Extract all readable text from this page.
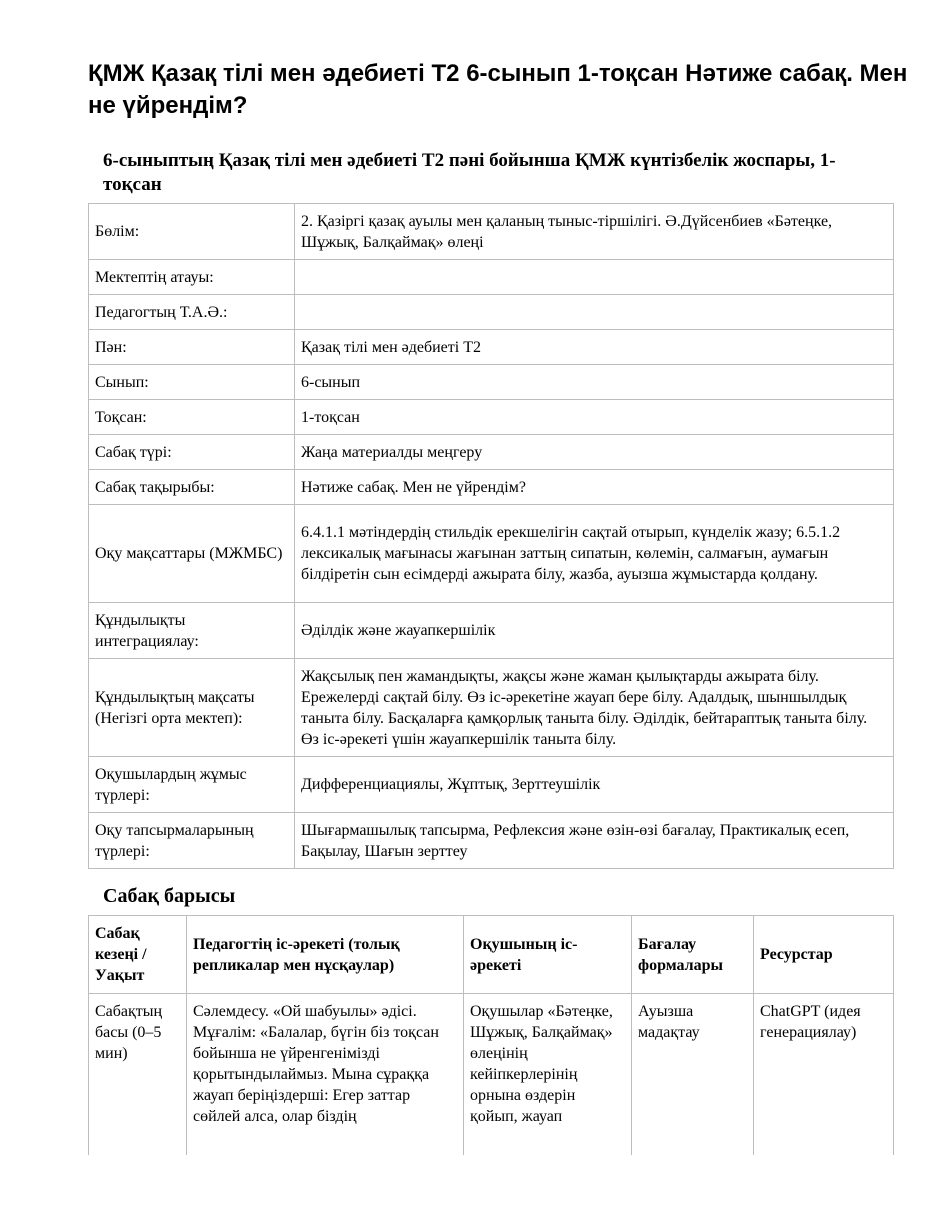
ҚМЖ Қазақ тілі мен әдебиеті Т2 6-сынып 1-тоқсан Нәтиже сабақ. Мен не үйрендім?
6-сыныптың Қазақ тілі мен әдебиеті Т2 пәні бойынша ҚМЖ күнтізбелік жоспары, 1-тоқсан
Бөлім:	2. Қазіргі қазақ ауылы мен қаланың тыныс-тіршілігі. Ә.Дүйсенбиев «Бәтеңке, Шұжық, Балқаймақ» өлеңі
Мектептің атауы:	
Педагогтың Т.А.Ә.:	
Пән:	Қазақ тілі мен әдебиеті Т2
Сынып:	6-сынып
Тоқсан:	1-тоқсан
Сабақ түрі:	Жаңа материалды меңгеру
Сабақ тақырыбы:	Нәтиже сабақ. Мен не үйрендім?
Оқу мақсаттары (МЖМБС)	6.4.1.1 мәтіндердің стильдік ерекшелігін сақтай отырып, күнделік жазу; 6.5.1.2 лексикалық мағынасы жағынан заттың сипатын, көлемін, салмағын, аумағын білдіретін сын есімдерді ажырата білу, жазба, ауызша жұмыстарда қолдану.
Құндылықты интеграциялау:	Әділдік және жауапкершілік
Құндылықтың мақсаты (Негізгі орта мектеп):	Жақсылық пен жамандықты, жақсы және жаман қылықтарды ажырата білу. Ережелерді сақтай білу. Өз іс-әрекетіне жауап бере білу. Адалдық, шыншылдық таныта білу. Басқаларға қамқорлық таныта білу. Әділдік, бейтараптық таныта білу. Өз іс-әрекеті үшін жауапкершілік таныта білу.
Оқушылардың жұмыс түрлері:	Дифференциациялы, Жұптық, Зерттеушілік
Оқу тапсырмаларының түрлері:	Шығармашылық тапсырма, Рефлексия және өзін-өзі бағалау, Практикалық есеп, Бақылау, Шағын зерттеу
Сабақ барысы
Сабақ кезеңі / Уақыт	Педагогтің іс-әрекеті (толық репликалар мен нұсқаулар)	Оқушының іс-әрекеті	Бағалау формалары	Ресурстар
Сабақтың басы (0–5 мин)	Сәлемдесу. «Ой шабуылы» әдісі. Мұғалім: «Балалар, бүгін біз тоқсан бойынша не үйренгенімізді қорытындылаймыз. Мына сұраққа жауап беріңіздерші: Егер заттар сөйлей алса, олар біздің	Оқушылар «Бәтеңке, Шұжық, Балқаймақ» өлеңінің кейіпкерлерінің орнына өздерін қойып, жауап	Ауызша мадақтау	ChatGPT (идея генерациялау)
